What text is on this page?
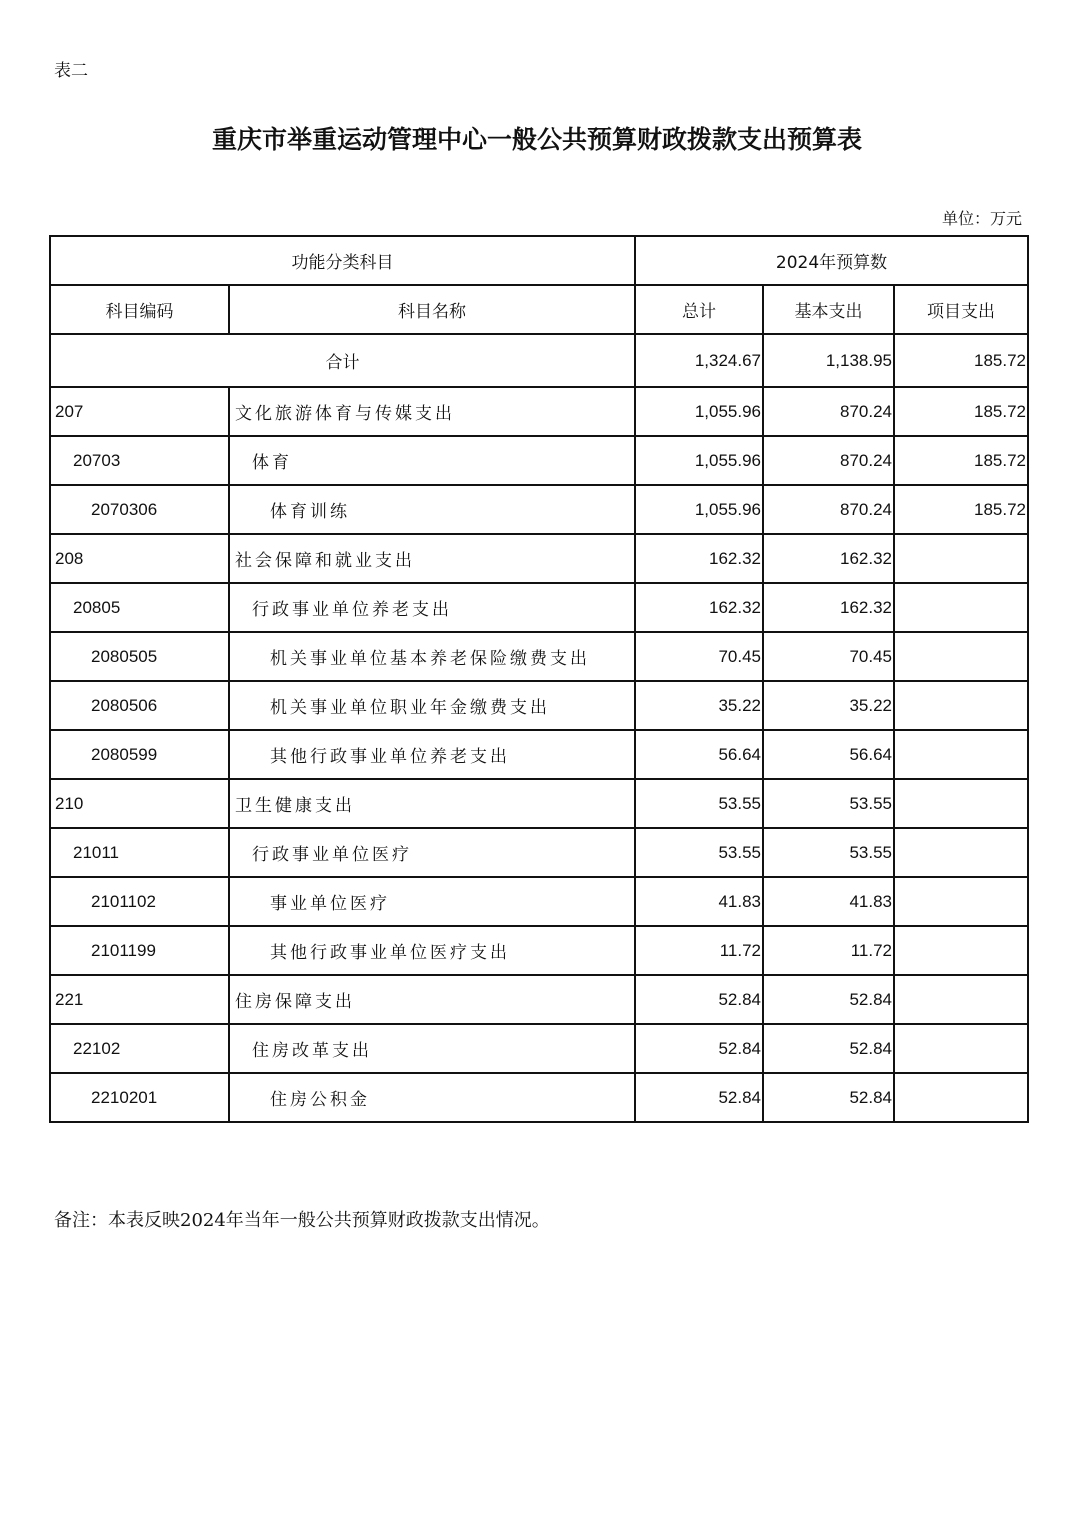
表二
重庆市举重运动管理中心一般公共预算财政拨款支出预算表
单位：万元
功能分类科目		2024年预算数		
科目编码	科目名称	总计	基本支出	项目支出
合计		1,324.67	1,138.95	185.72
207	文化旅游体育与传媒支出	1,055.96	870.24	185.72
20703	体育	1,055.96	870.24	185.72
2070306	体育训练	1,055.96	870.24	185.72
208	社会保障和就业支出	162.32	162.32	
20805	行政事业单位养老支出	162.32	162.32	
2080505	机关事业单位基本养老保险缴费支出	70.45	70.45	
2080506	机关事业单位职业年金缴费支出	35.22	35.22	
2080599	其他行政事业单位养老支出	56.64	56.64	
210	卫生健康支出	53.55	53.55	
21011	行政事业单位医疗	53.55	53.55	
2101102	事业单位医疗	41.83	41.83	
2101199	其他行政事业单位医疗支出	11.72	11.72	
221	住房保障支出	52.84	52.84	
22102	住房改革支出	52.84	52.84	
2210201	住房公积金	52.84	52.84	
备注：本表反映2024年当年一般公共预算财政拨款支出情况。
